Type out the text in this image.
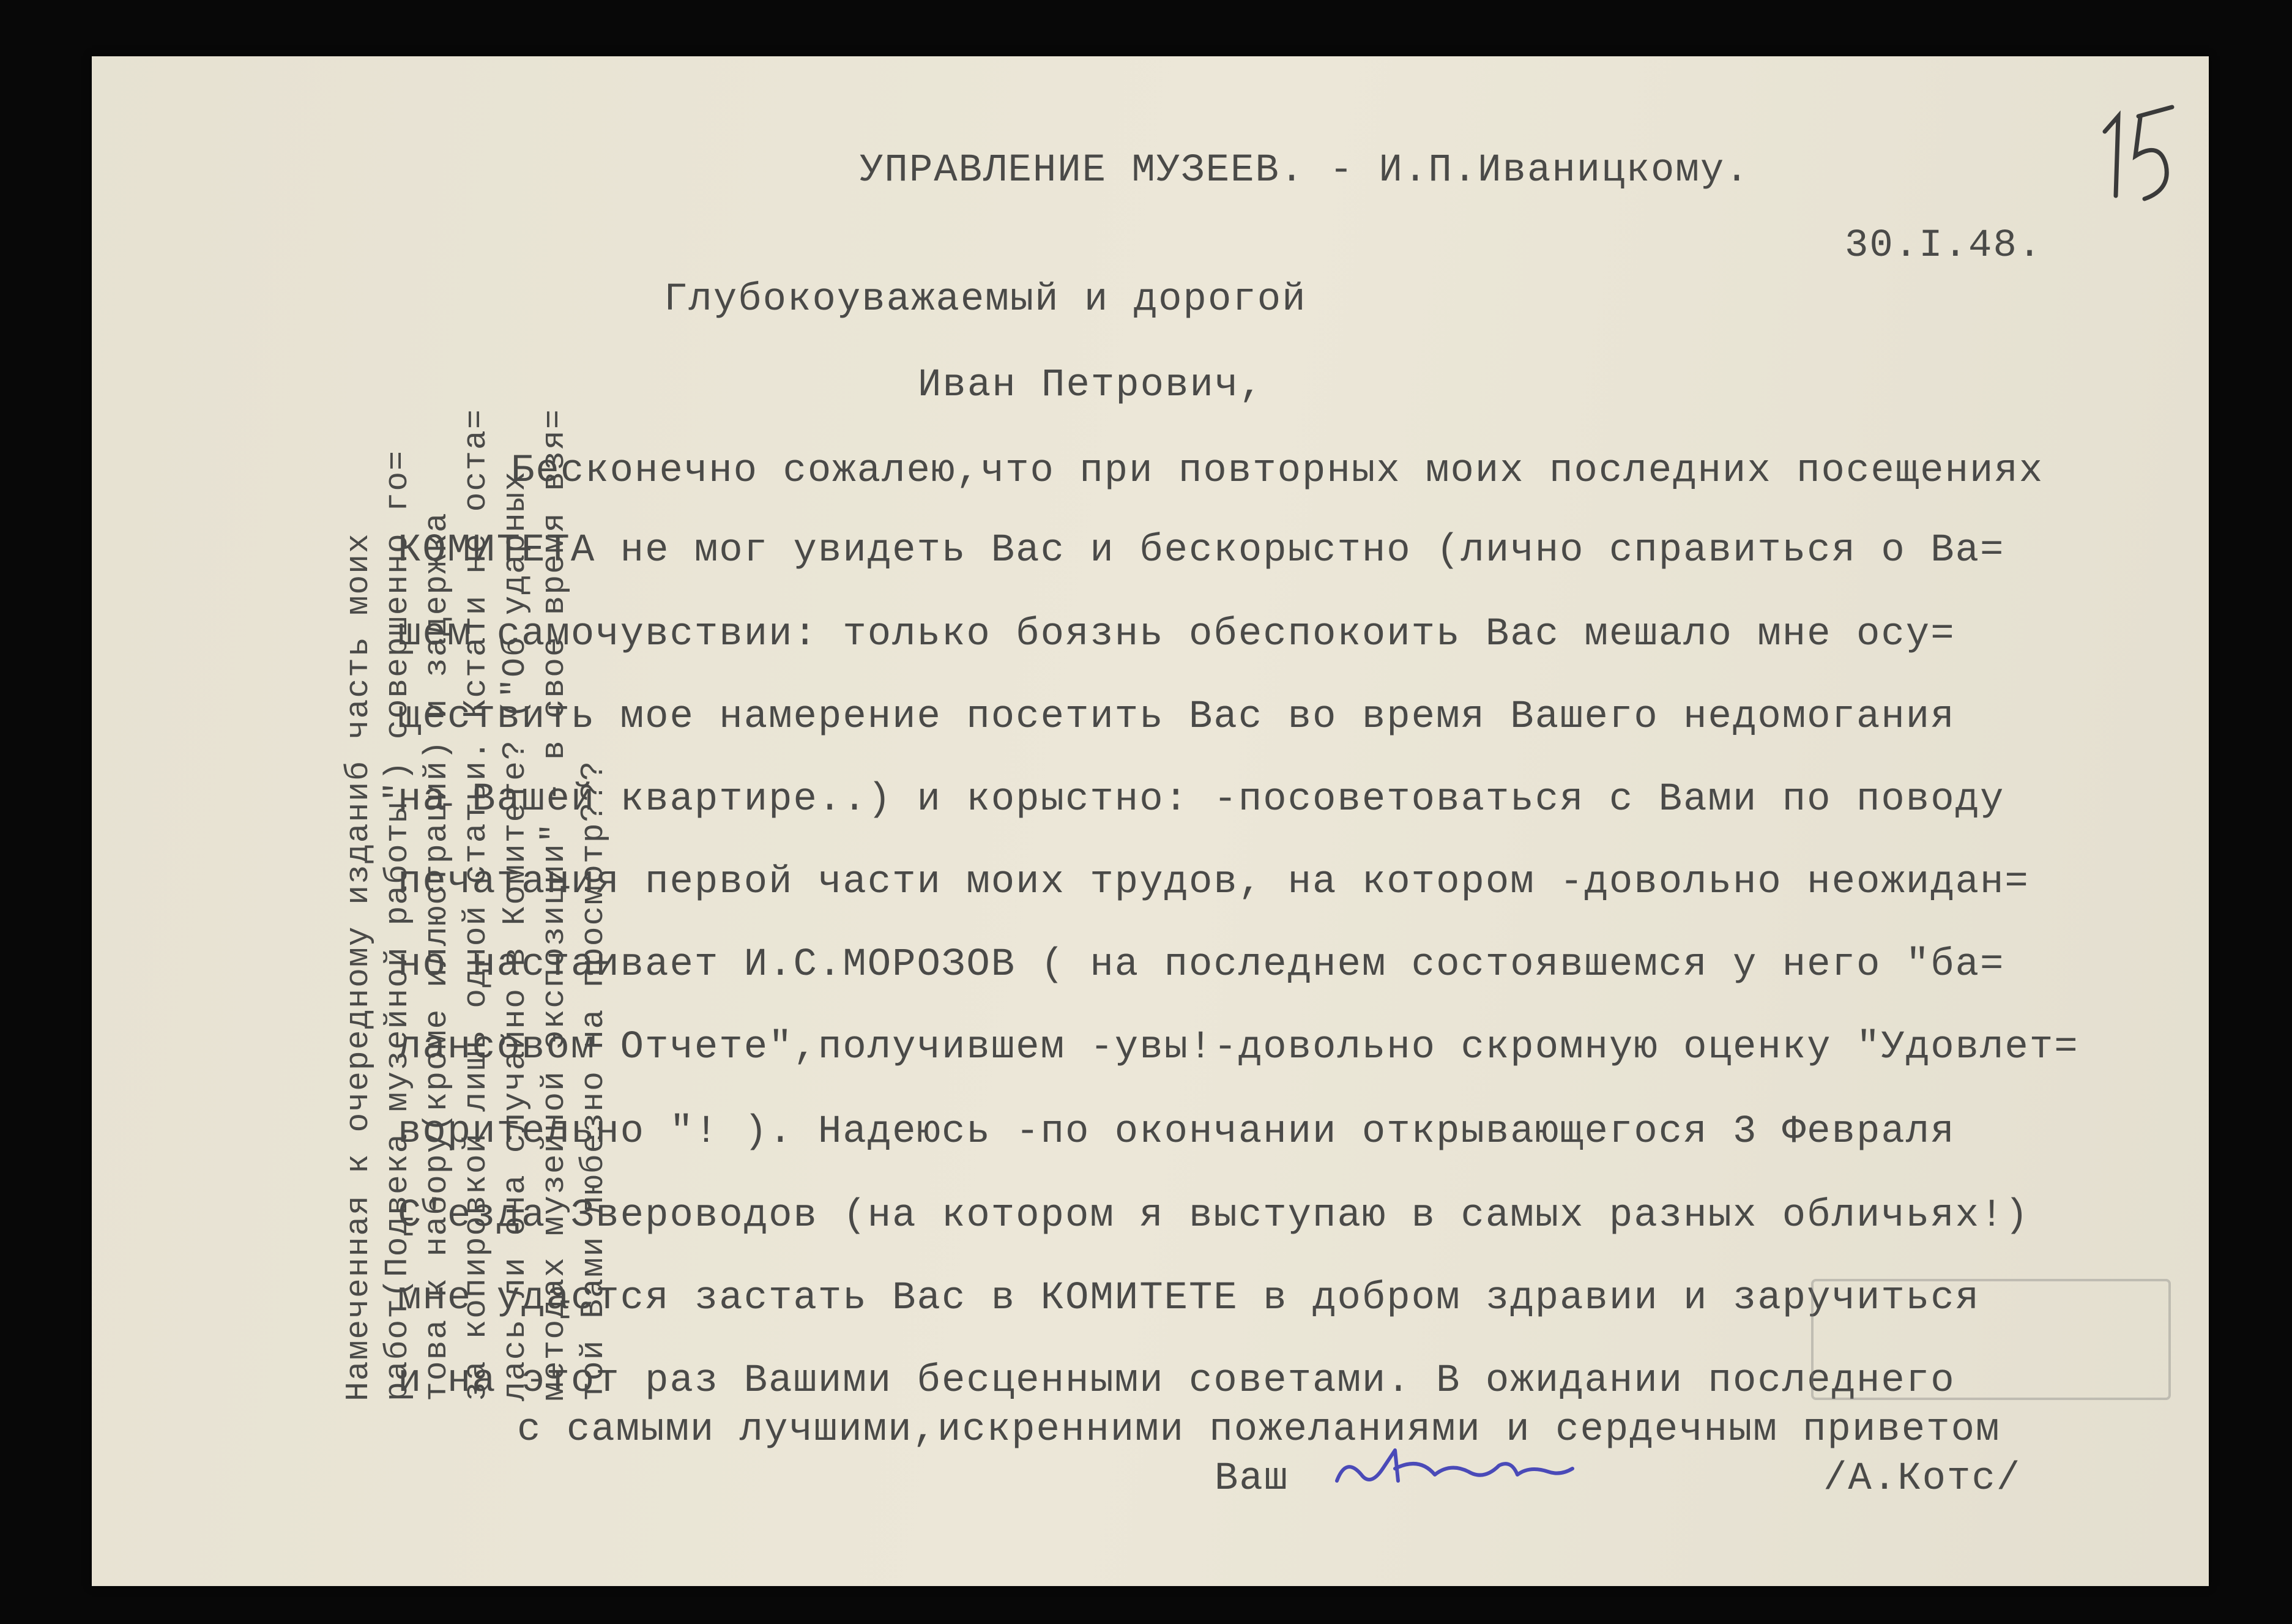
Намеченная к очередному изданиб часть моих работ(Подвека музейной работы") совершенно го= това к набору(кроме иллюстраций) и задержка за копировкой лишь одной статьи. Кстати не оста= лась ли она случайно в Комитете? ("Об ударных методах музейной экспозиции" - в свое время взя= той Вами любезно на просмотр???
15
УПРАВЛЕНИЕ МУЗЕЕВ. - И.П.Иваницкому.
30.I.48.
Глубокоуважаемый и дорогой
Иван Петрович,
Бесконечно сожалею,что при повторных моих последних посещениях
КОМИТЕТА не мог увидеть Вас и бескорыстно (лично справиться о Ва=
шем самочувствии: только боязнь обеспокоить Вас мешало мне осу=
ществить мое намерение посетить Вас во время Вашего недомогания
на Вашей квартире..) и корыстно: -посоветоваться с Вами по поводу
печатания первой части моих трудов, на котором -довольно неожидан=
но настаивает И.С.МОРОЗОВ ( на последнем состоявшемся у него "ба=
лансовом Отчете",получившем -увы!-довольно скромную оценку "Удовлет=
ворительно "! ). Надеюсь -по окончании открывающегося 3 Февраля
С'езда Звероводов (на котором я выступаю в самых разных обличьях!)
мне удастся застать Вас в КОМИТЕТЕ в добром здравии и заручиться
и на этот раз Вашими бесценными советами. В ожидании последнего
с самыми лучшими,искренними пожеланиями и сердечным приветом
Ваш	/А.Котс/
